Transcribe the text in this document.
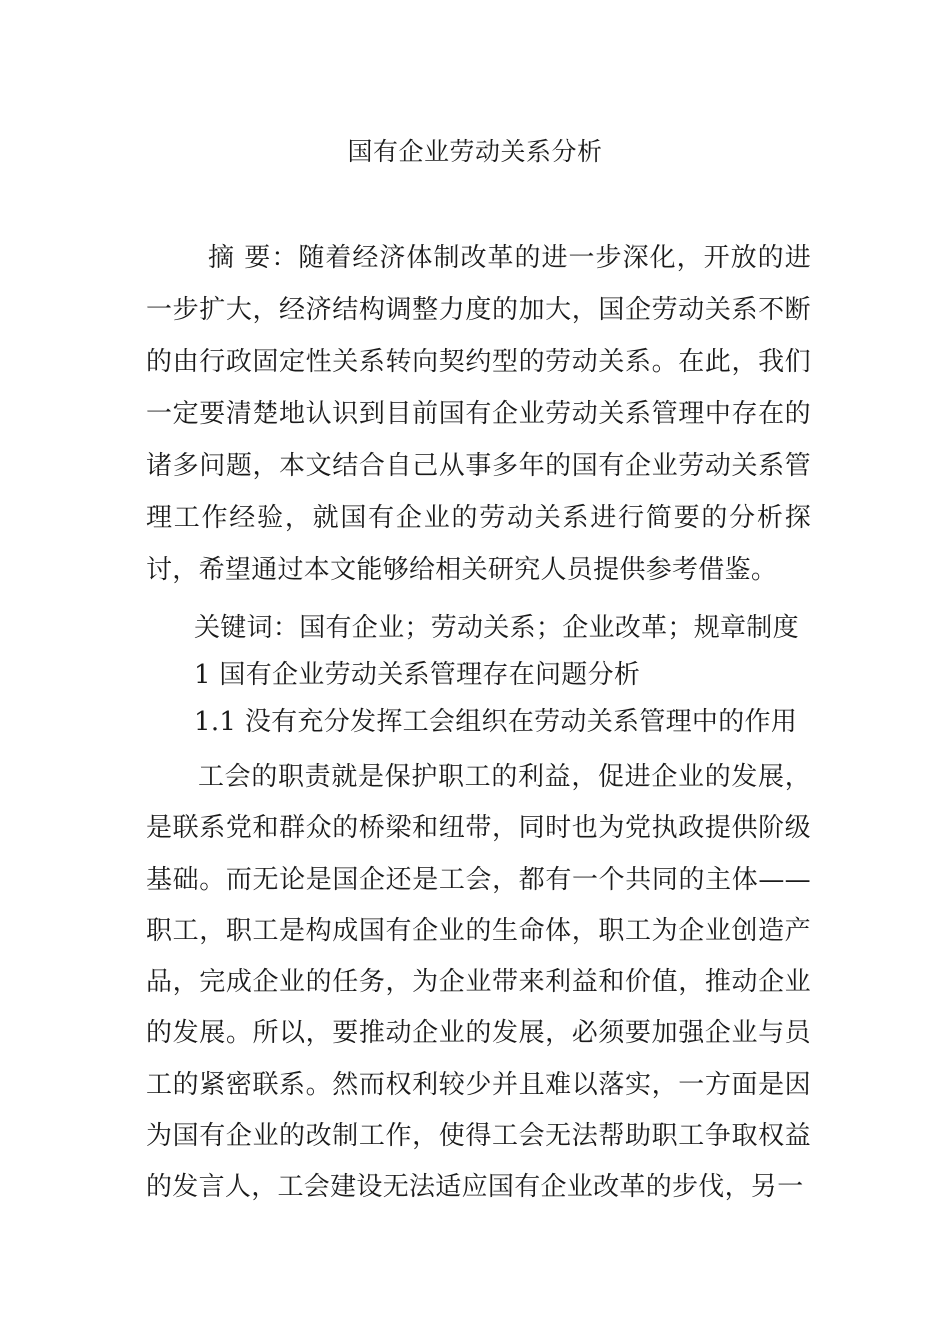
国有企业劳动关系分析

摘 要：随着经济体制改革的进一步深化，开放的进一步扩大，经济结构调整力度的加大，国企劳动关系不断的由行政固定性关系转向契约型的劳动关系。在此，我们一定要清楚地认识到目前国有企业劳动关系管理中存在的诸多问题，本文结合自己从事多年的国有企业劳动关系管理工作经验，就国有企业的劳动关系进行简要的分析探讨，希望通过本文能够给相关研究人员提供参考借鉴。

关键词：国有企业；劳动关系；企业改革；规章制度

1 国有企业劳动关系管理存在问题分析
1.1 没有充分发挥工会组织在劳动关系管理中的作用

工会的职责就是保护职工的利益，促进企业的发展，是联系党和群众的桥梁和纽带，同时也为党执政提供阶级基础。而无论是国企还是工会，都有一个共同的主体——职工，职工是构成国有企业的生命体，职工为企业创造产品，完成企业的任务，为企业带来利益和价值，推动企业的发展。所以，要推动企业的发展，必须要加强企业与员工的紧密联系。然而权利较少并且难以落实，一方面是因为国有企业的改制工作，使得工会无法帮助职工争取权益的发言人，工会建设无法适应国有企业改革的步伐，另一
